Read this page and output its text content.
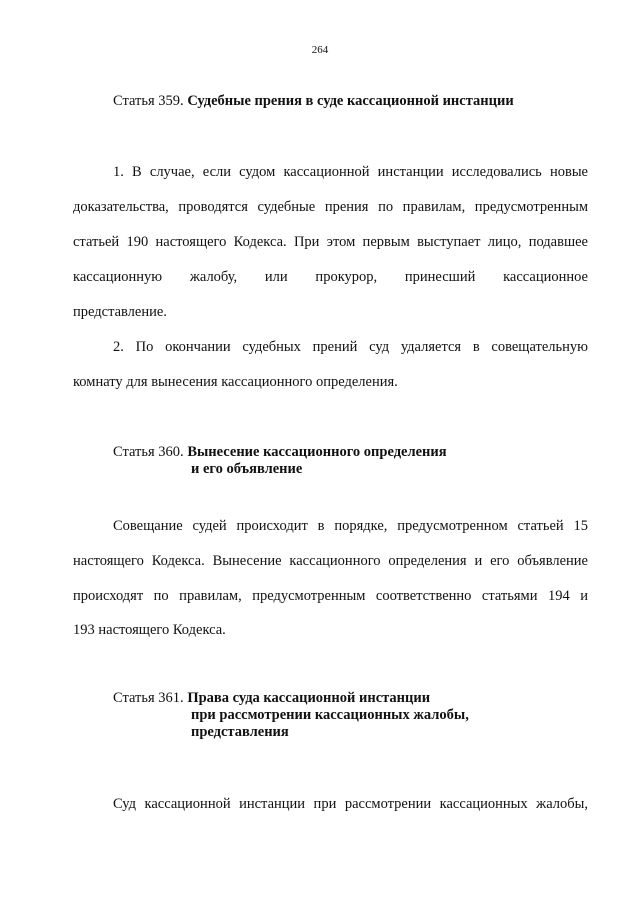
264
Статья 359. Судебные прения в суде кассационной инстанции
1. В случае, если судом кассационной инстанции исследовались новые
доказательства, проводятся судебные прения по правилам, предусмотренным
статьей 190 настоящего Кодекса. При этом первым выступает лицо, подавшее
кассационную жалобу, или прокурор, принесший кассационное
представление.
2. По окончании судебных прений суд удаляется в совещательную
комнату для вынесения кассационного определения.
Статья 360. Вынесение кассационного определения
и его объявление
Совещание судей происходит в порядке, предусмотренном статьей 15
настоящего Кодекса. Вынесение кассационного определения и его объявление
происходят по правилам, предусмотренным соответственно статьями 194 и
193 настоящего Кодекса.
Статья 361. Права суда кассационной инстанции
при рассмотрении кассационных жалобы,
представления
Суд кассационной инстанции при рассмотрении кассационных жалобы,
